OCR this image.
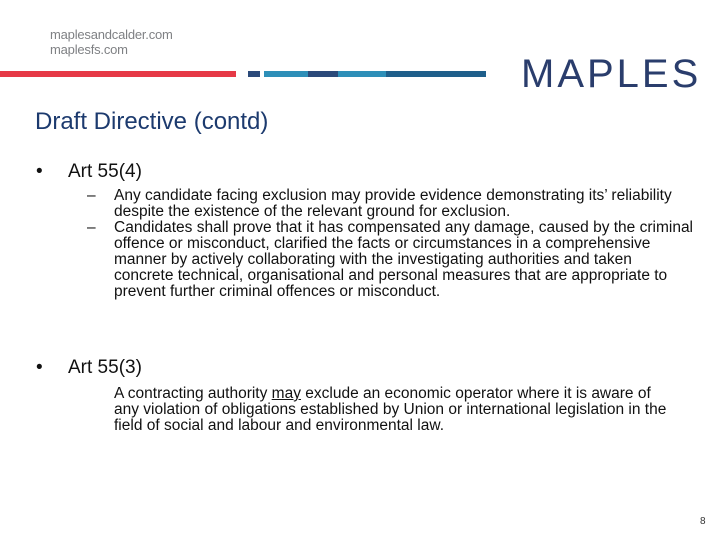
maplesandcalder.com
maplesfs.com
MAPLES
Draft Directive (contd)
• Art 55(4)
– Any candidate facing exclusion may provide evidence demonstrating its’ reliability despite the existence of the relevant ground for exclusion.
– Candidates shall prove that it has compensated any damage, caused by the criminal offence or misconduct, clarified the facts or circumstances in a comprehensive manner by actively collaborating with the investigating authorities and taken concrete technical, organisational and personal measures that are appropriate to prevent further criminal offences or misconduct.
• Art 55(3)
A contracting authority may exclude an economic operator where it is aware of any violation of obligations established by Union or international legislation in the field of social and labour and environmental law.
8
